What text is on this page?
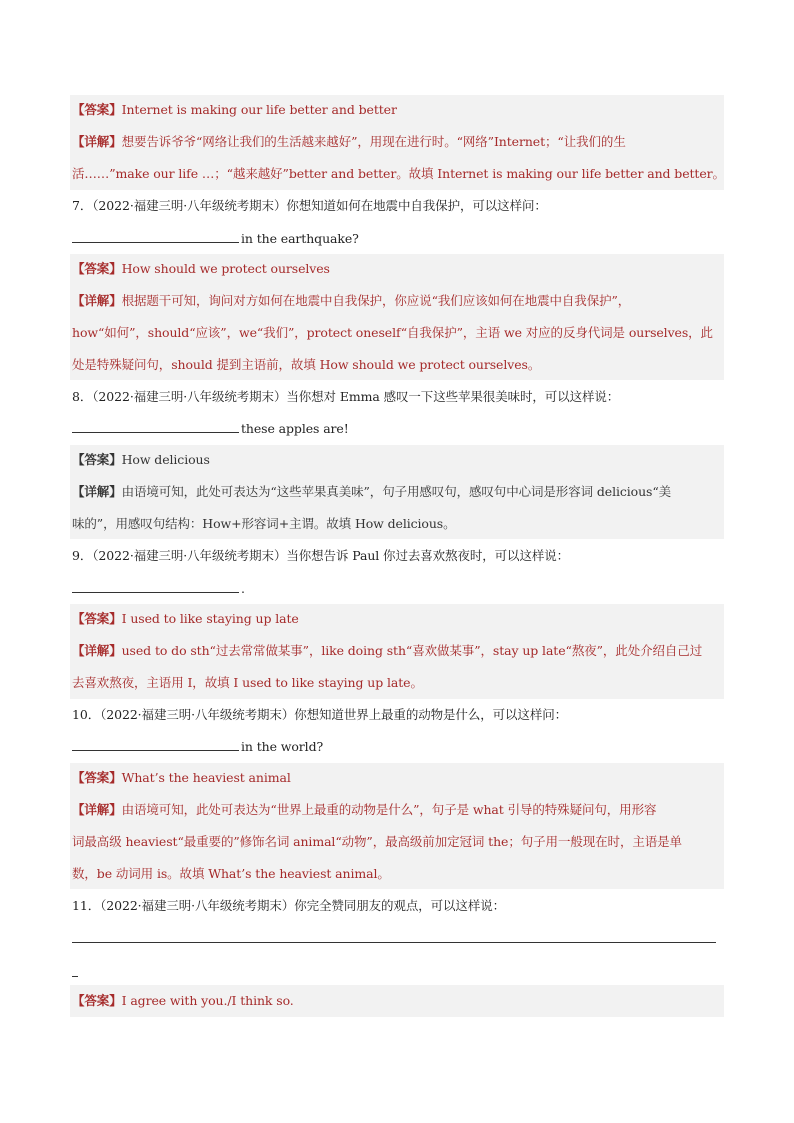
【答案】Internet is making our life better and better
【详解】想要告诉爷爷“网络让我们的生活越来越好”，用现在进行时。“网络”Internet；“让我们的生
活……”make our life …；“越来越好”better and better。故填 Internet is making our life better and better。
7．（2022·福建三明·八年级统考期末）你想知道如何在地震中自我保护，可以这样问：
in the earthquake?
【答案】How should we protect ourselves
【详解】根据题干可知，询问对方如何在地震中自我保护，你应说“我们应该如何在地震中自我保护”，
how“如何”，should“应该”，we“我们”，protect oneself“自我保护”，主语 we 对应的反身代词是 ourselves，此
处是特殊疑问句，should 提到主语前，故填 How should we protect ourselves。
8．（2022·福建三明·八年级统考期末）当你想对 Emma 感叹一下这些苹果很美味时，可以这样说：
these apples are!
【答案】How delicious
【详解】由语境可知，此处可表达为“这些苹果真美味”，句子用感叹句，感叹句中心词是形容词 delicious“美
味的”，用感叹句结构：How+形容词+主谓。故填 How delicious。
9．（2022·福建三明·八年级统考期末）当你想告诉 Paul 你过去喜欢熬夜时，可以这样说：
.
【答案】I used to like staying up late
【详解】used to do sth“过去常常做某事”，like doing sth“喜欢做某事”，stay up late“熬夜”，此处介绍自己过
去喜欢熬夜，主语用 I，故填 I used to like staying up late。
10．（2022·福建三明·八年级统考期末）你想知道世界上最重的动物是什么，可以这样问：
in the world?
【答案】What’s the heaviest animal
【详解】由语境可知，此处可表达为“世界上最重的动物是什么”，句子是 what 引导的特殊疑问句，用形容
词最高级 heaviest“最重要的”修饰名词 animal“动物”，最高级前加定冠词 the；句子用一般现在时，主语是单
数，be 动词用 is。故填 What’s the heaviest animal。
11．（2022·福建三明·八年级统考期末）你完全赞同朋友的观点，可以这样说：
【答案】I agree with you./I think so.
